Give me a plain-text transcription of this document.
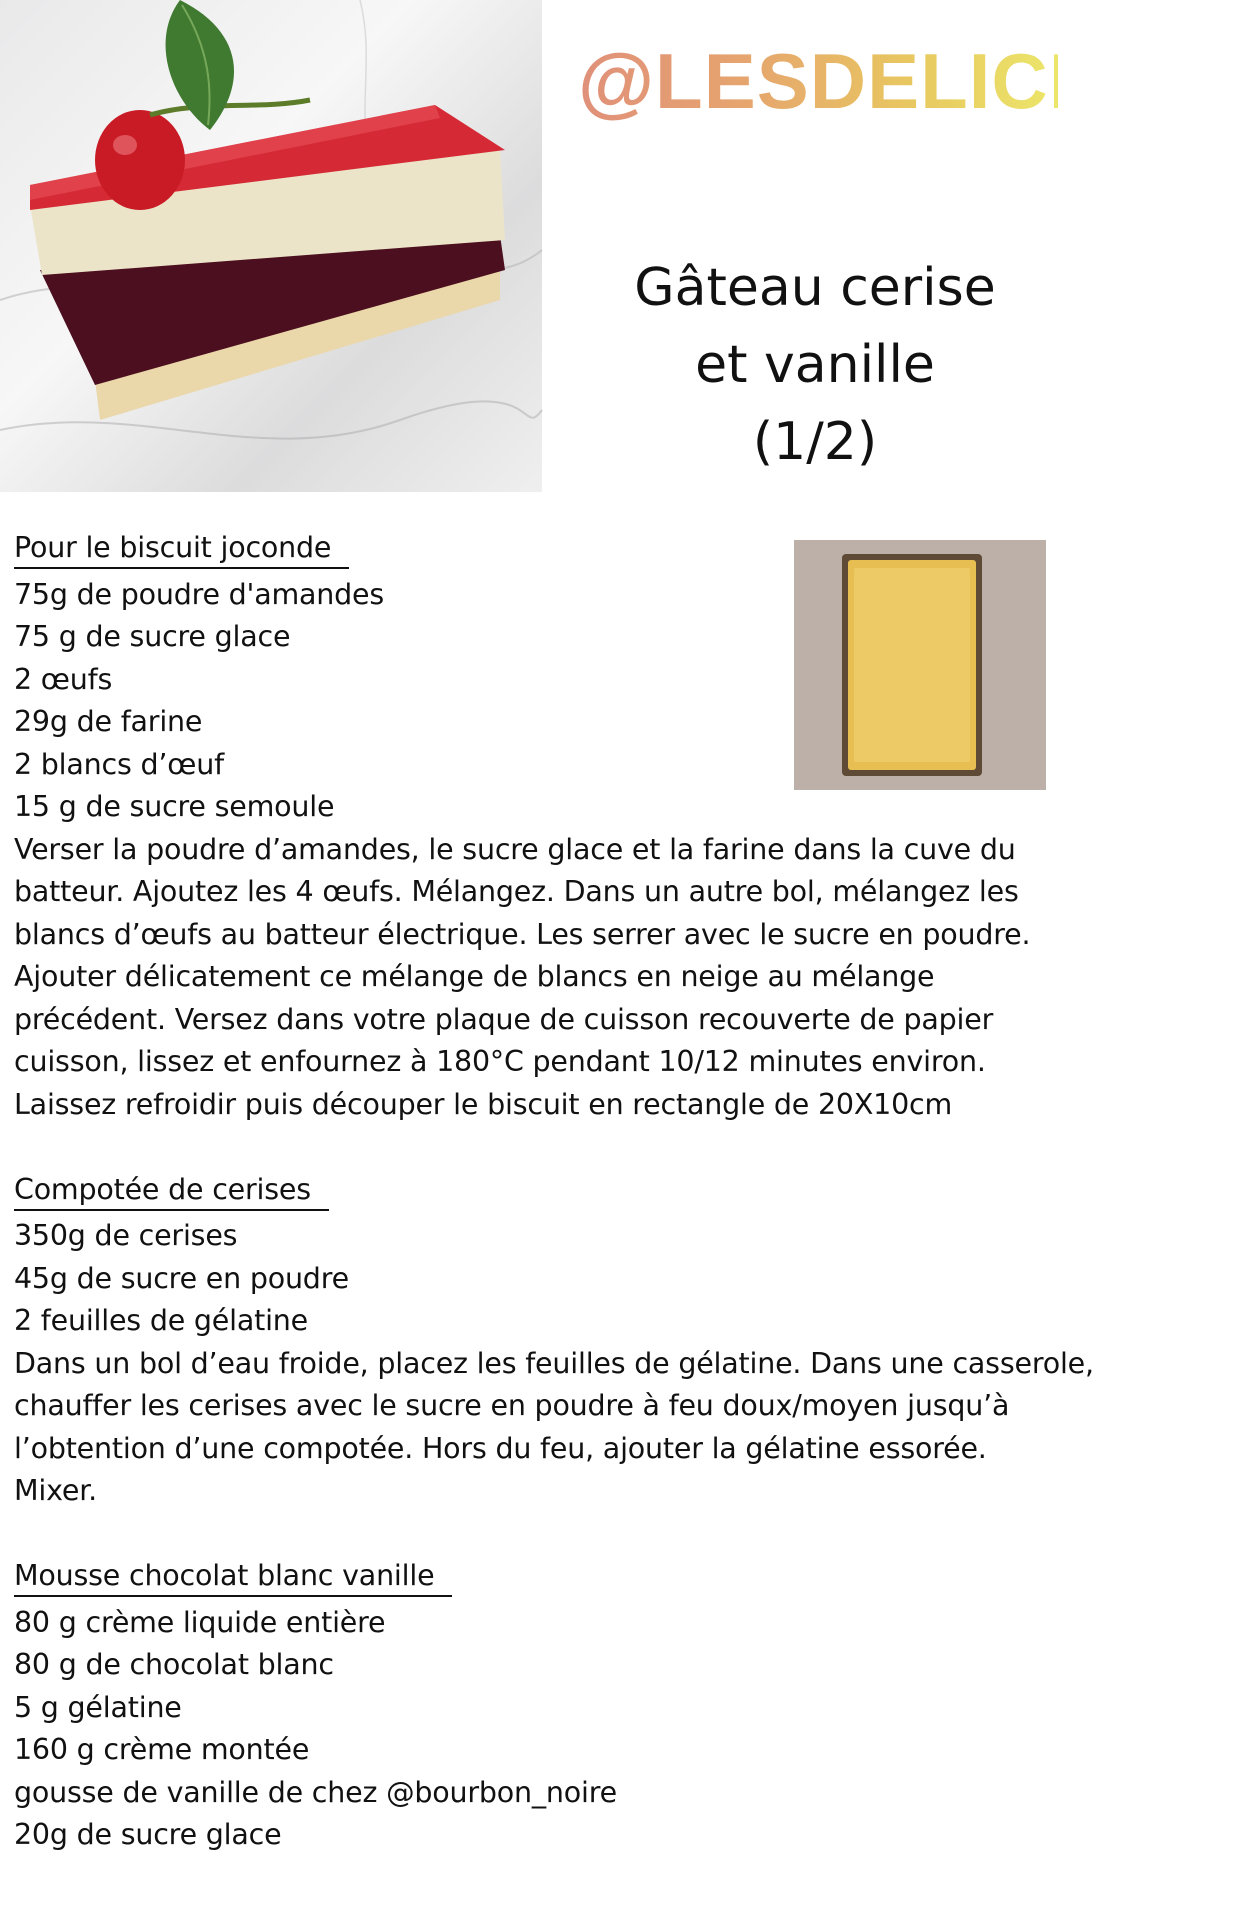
@LESDELICES31
Gâteau cerise
et vanille
(1/2)
Pour le biscuit joconde
75g de poudre d'amandes
75 g de sucre glace
2 œufs
29g de farine
2 blancs d’œuf
15 g de sucre semoule
Verser la poudre d’amandes, le sucre glace et la farine dans la cuve du
batteur. Ajoutez les 4 œufs. Mélangez. Dans un autre bol, mélangez les
blancs d’œufs au batteur électrique. Les serrer avec le sucre en poudre.
Ajouter délicatement ce mélange de blancs en neige au mélange
précédent. Versez dans votre plaque de cuisson recouverte de papier
cuisson, lissez et enfournez à 180°C pendant 10/12 minutes environ.
Laissez refroidir puis découper le biscuit en rectangle de 20X10cm
Compotée de cerises
350g de cerises
45g de sucre en poudre
2 feuilles de gélatine
Dans un bol d’eau froide, placez les feuilles de gélatine. Dans une casserole,
chauffer les cerises avec le sucre en poudre à feu doux/moyen jusqu’à
l’obtention d’une compotée. Hors du feu, ajouter la gélatine essorée.
Mixer.
Mousse chocolat blanc vanille
80 g crème liquide entière
80 g de chocolat blanc
5 g gélatine
160 g crème montée
gousse de vanille de chez @bourbon_noire
20g de sucre glace
